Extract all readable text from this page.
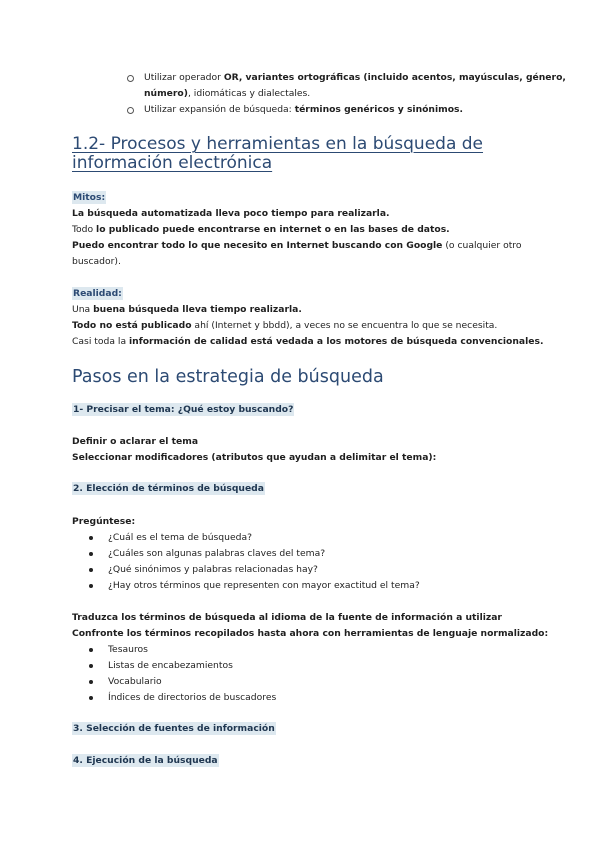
Utilizar operador OR, variantes ortográficas (incluido acentos, mayúsculas, género,
número), idiomáticas y dialectales.
Utilizar expansión de búsqueda: términos genéricos y sinónimos.
1.2- Procesos y herramientas en la búsqueda de
información electrónica
Mitos:
La búsqueda automatizada lleva poco tiempo para realizarla.
Todo lo publicado puede encontrarse en internet o en las bases de datos.
Puedo encontrar todo lo que necesito en Internet buscando con Google (o cualquier otro
buscador).
Realidad:
Una buena búsqueda lleva tiempo realizarla.
Todo no está publicado ahí (Internet y bbdd), a veces no se encuentra lo que se necesita.
Casi toda la información de calidad está vedada a los motores de búsqueda convencionales.
Pasos en la estrategia de búsqueda
1- Precisar el tema: ¿Qué estoy buscando?
Definir o aclarar el tema
Seleccionar modificadores (atributos que ayudan a delimitar el tema):
2. Elección de términos de búsqueda
Pregúntese:
¿Cuál es el tema de búsqueda?
¿Cuáles son algunas palabras claves del tema?
¿Qué sinónimos y palabras relacionadas hay?
¿Hay otros términos que representen con mayor exactitud el tema?
Traduzca los términos de búsqueda al idioma de la fuente de información a utilizar
Confronte los términos recopilados hasta ahora con herramientas de lenguaje normalizado:
Tesauros
Listas de encabezamientos
Vocabulario
Índices de directorios de buscadores
3. Selección de fuentes de información
4. Ejecución de la búsqueda
